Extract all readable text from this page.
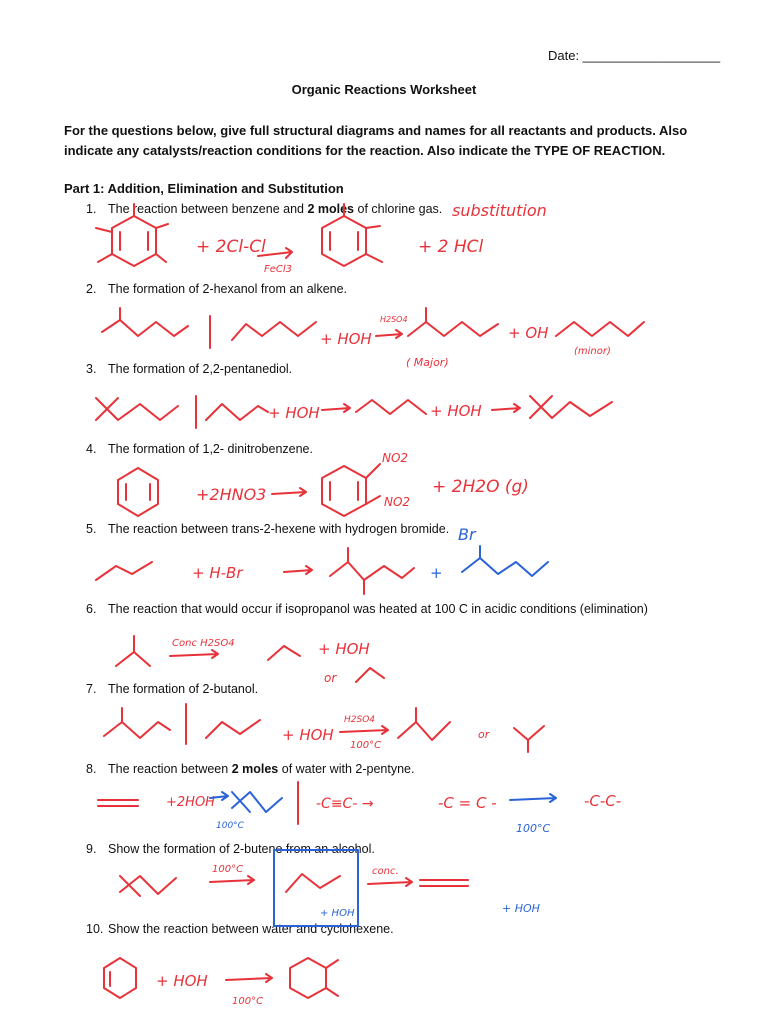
Date: ___________________
Organic Reactions Worksheet
For the questions below, give full structural diagrams and names for all reactants and products. Also indicate any catalysts/reaction conditions for the reaction. Also indicate the TYPE OF REACTION.
Part 1: Addition, Elimination and Substitution
1. The reaction between benzene and 2 moles of chlorine gas.
2. The formation of 2-hexanol from an alkene.
3. The formation of 2,2-pentanediol.
4. The formation of 1,2- dinitrobenzene.
5. The reaction between trans-2-hexene with hydrogen bromide.
6. The reaction that would occur if isopropanol was heated at 100 C in acidic conditions (elimination)
7. The formation of 2-butanol.
8. The reaction between 2 moles of water with 2-pentyne.
9. Show the formation of 2-butene from an alcohol.
10. Show the reaction between water and cyclohexene.
+ 2Cl-Cl
FeCl3
+ 2 HCl
substitution
+ HOH
H2SO4
( Major)
+ OH
(minor)
+ HOH	+ HOH
+2HNO3
NO2
NO2
+ 2H2O (g)
+ H-Br	+
Br
Conc H2SO4	+ HOH
or
+ HOH
H2SO4
100°C
or
+2HOH
100°C
-C≡C- →	-C = C -
100°C
-C-C-
100°C
+ HOH
conc.
+ HOH
+ HOH
100°C
